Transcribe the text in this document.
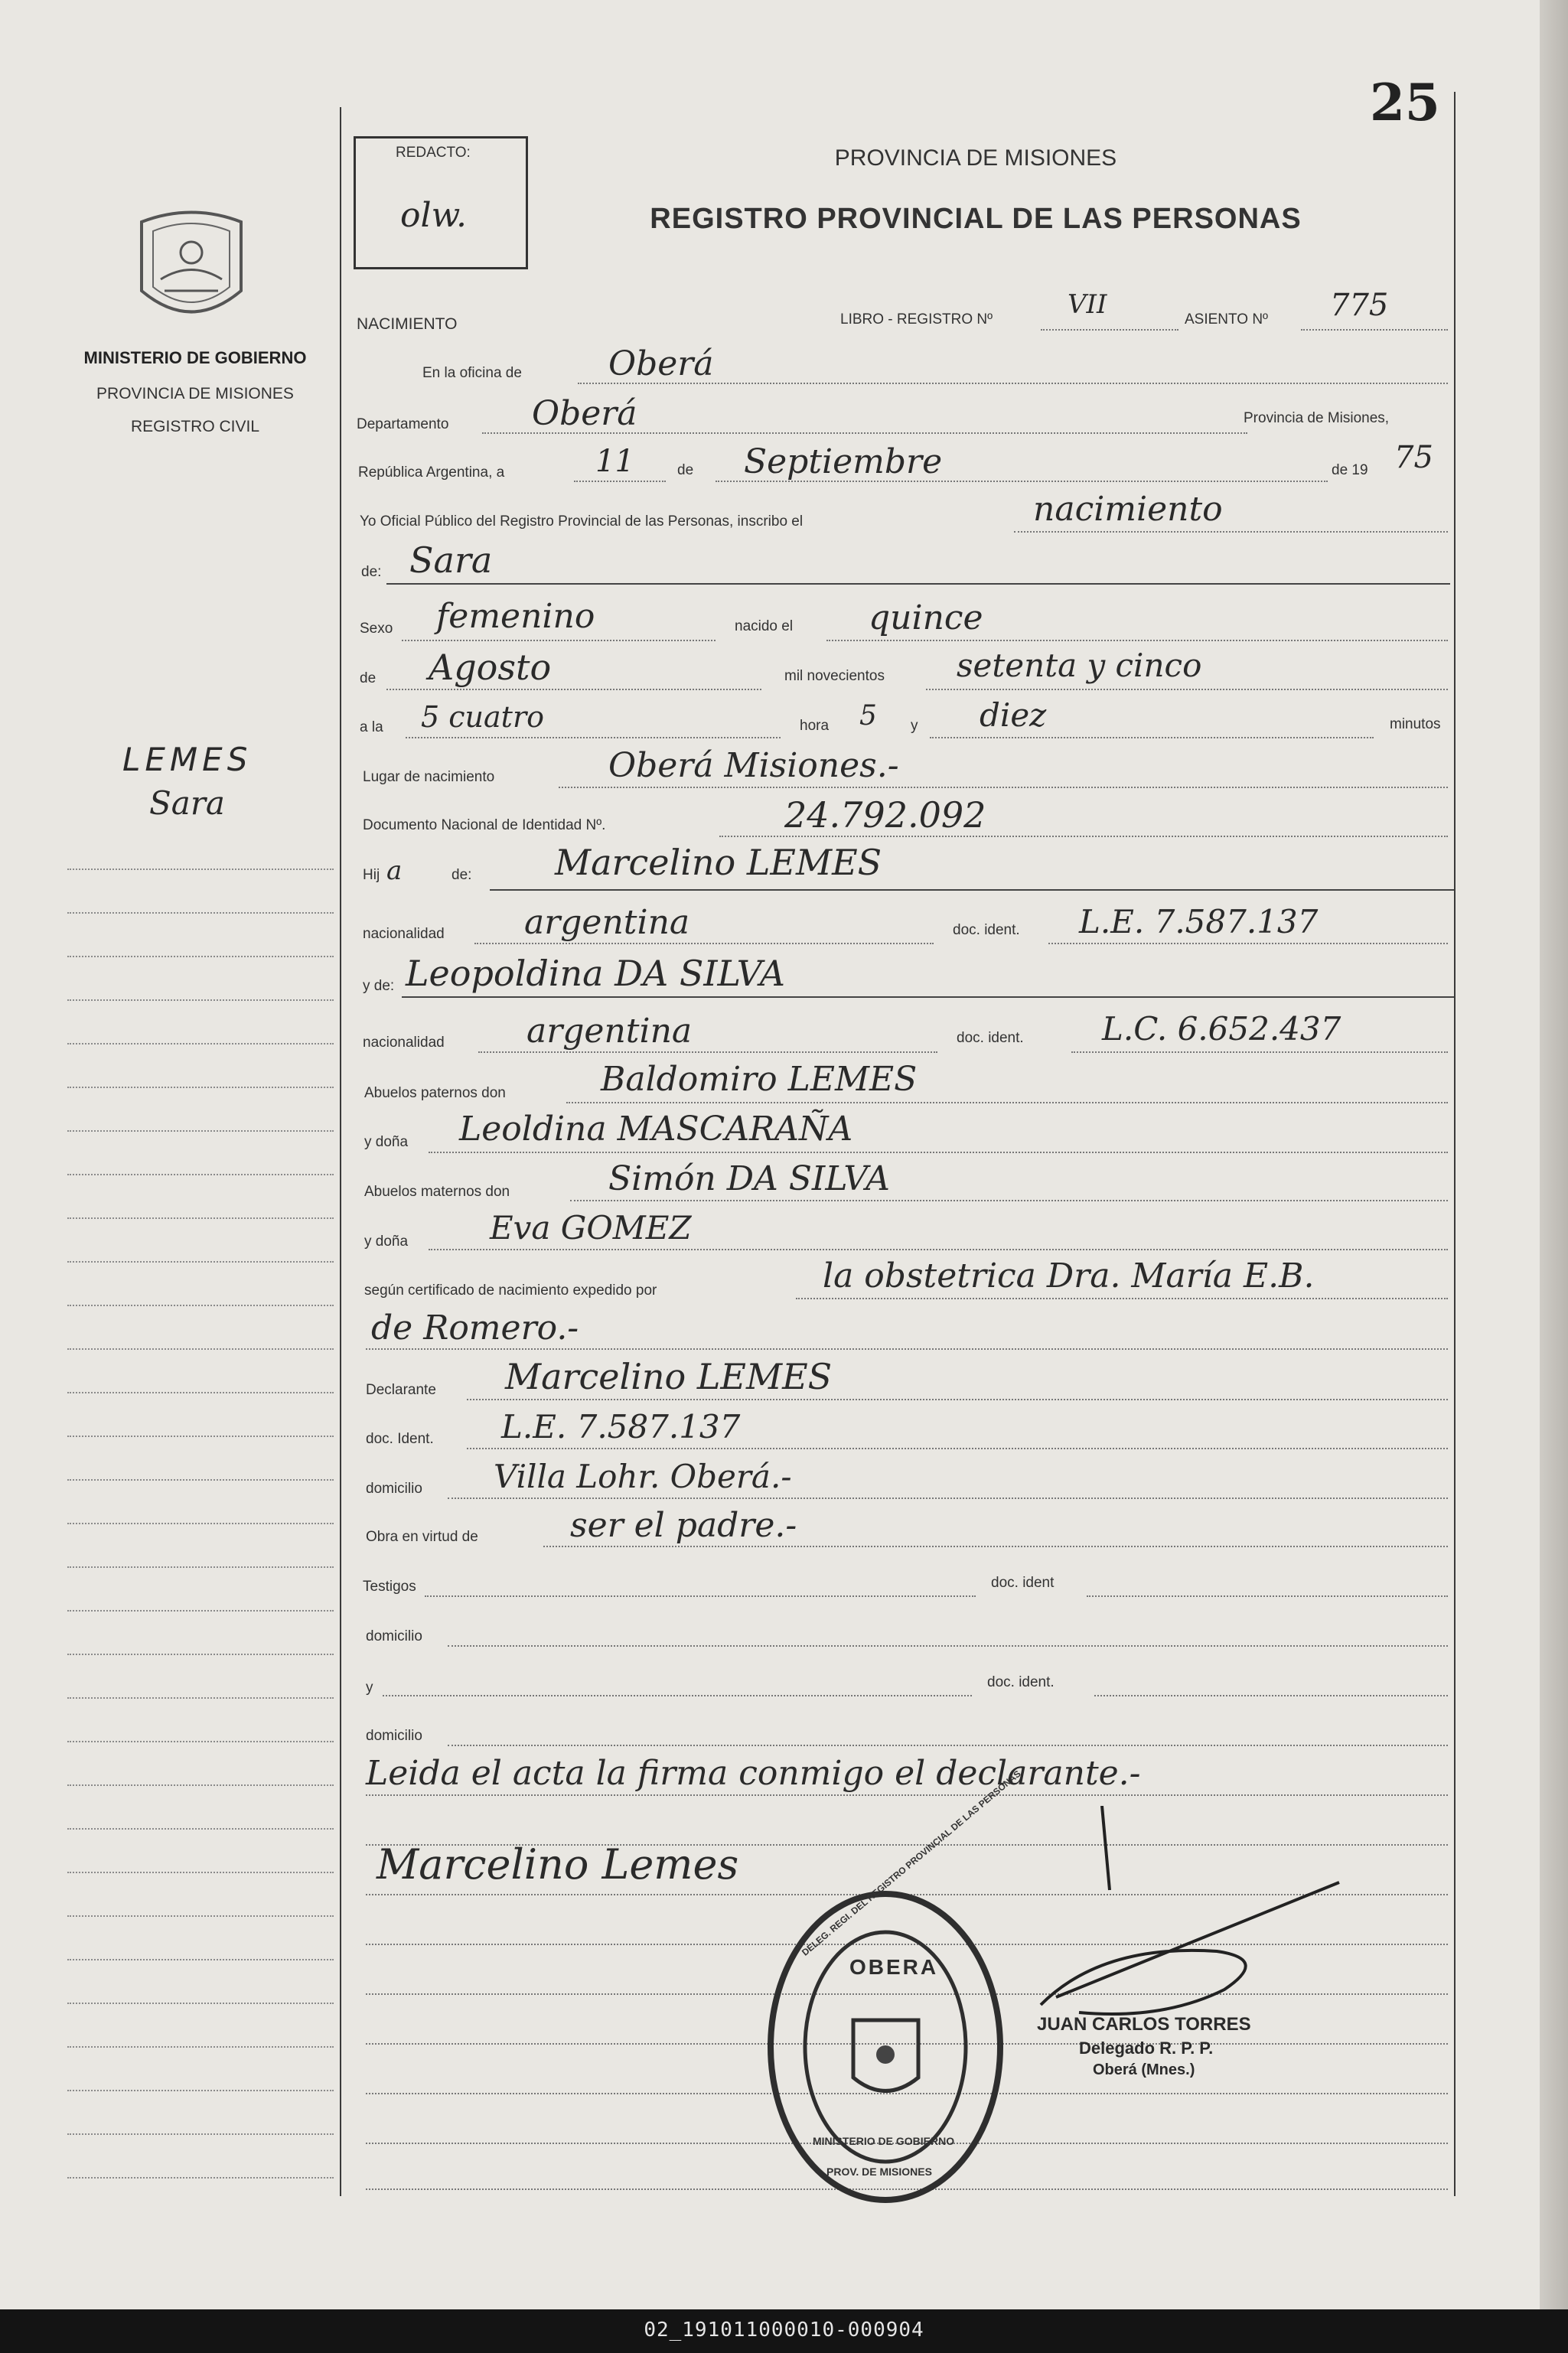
25
REDACTO:
olw.
MINISTERIO DE GOBIERNO
PROVINCIA DE MISIONES
REGISTRO CIVIL
PROVINCIA DE MISIONES
REGISTRO PROVINCIAL DE LAS PERSONAS
LEMES
Sara
NACIMIENTO	LIBRO - REGISTRO Nº	VII	ASIENTO Nº 775
En la oficina de	Oberá
Departamento Oberá	Provincia de Misiones,
República Argentina, a	11	de Septiembre	de 19 75
Yo Oficial Público del Registro Provincial de las Personas, inscribo el	nacimiento
de: Sara
Sexo femenino	nacido el quince
de Agosto	mil novecientos setenta y cinco
a la 5 cuatro	hora 5 y diez	minutos
Lugar de nacimiento	Oberá Misiones.-
Documento Nacional de Identidad Nº.	24.792.092
Hij a	de: Marcelino LEMES
nacionalidad argentina	doc. ident. L.E. 7.587.137
y de: Leopoldina DA SILVA
nacionalidad argentina	doc. ident. L.C. 6.652.437
Abuelos paternos don	Baldomiro LEMES
y doña Leoldina MASCARAÑA
Abuelos maternos don	Simón DA SILVA
y doña	Eva GOMEZ
según certificado de nacimiento expedido por	la obstetrica Dra. María E.B.
de Romero.-
Declarante Marcelino LEMES
doc. Ident. L.E. 7.587.137
domicilio Villa Lohr. Oberá.-
Obra en virtud de	ser el padre.-
Testigos	doc. ident
domicilio
y	doc. ident.
domicilio
Leida el acta la firma conmigo el declarante.-
Marcelino Lemes	DELEG. REGI. DEL REGISTRO PROVINCIAL DE LAS PERSONAS
OBERA
MINISTERIO DE GOBIERNO
PROV. DE MISIONES
JUAN CARLOS TORRES
Delegado R. P. P.
Oberá (Mnes.)
02_191011000010-000904
